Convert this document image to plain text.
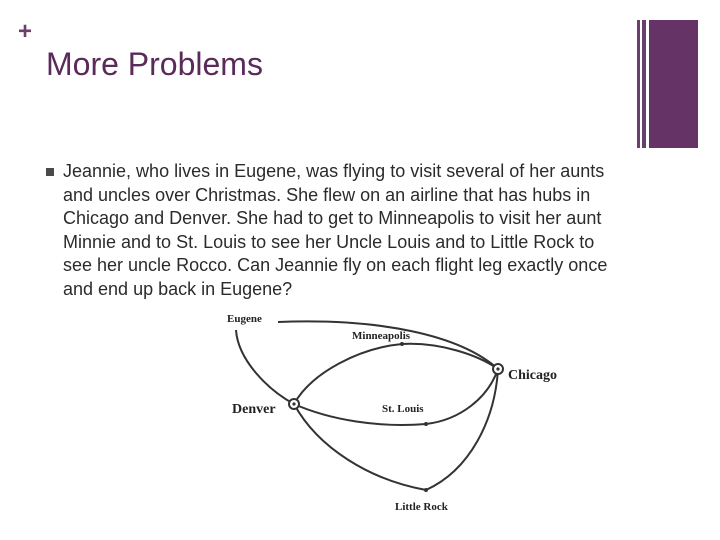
+
More Problems
Jeannie, who lives in Eugene, was flying to visit several of her aunts and uncles over Christmas. She flew on an airline that has hubs in Chicago and Denver. She had to get to Minneapolis to visit her aunt Minnie and to St. Louis to see her Uncle Louis and to Little Rock to see her uncle Rocco. Can Jeannie fly on each flight leg exactly once and end up back in Eugene?
Eugene
Minneapolis
Chicago
Denver	St. Louis
Little Rock
